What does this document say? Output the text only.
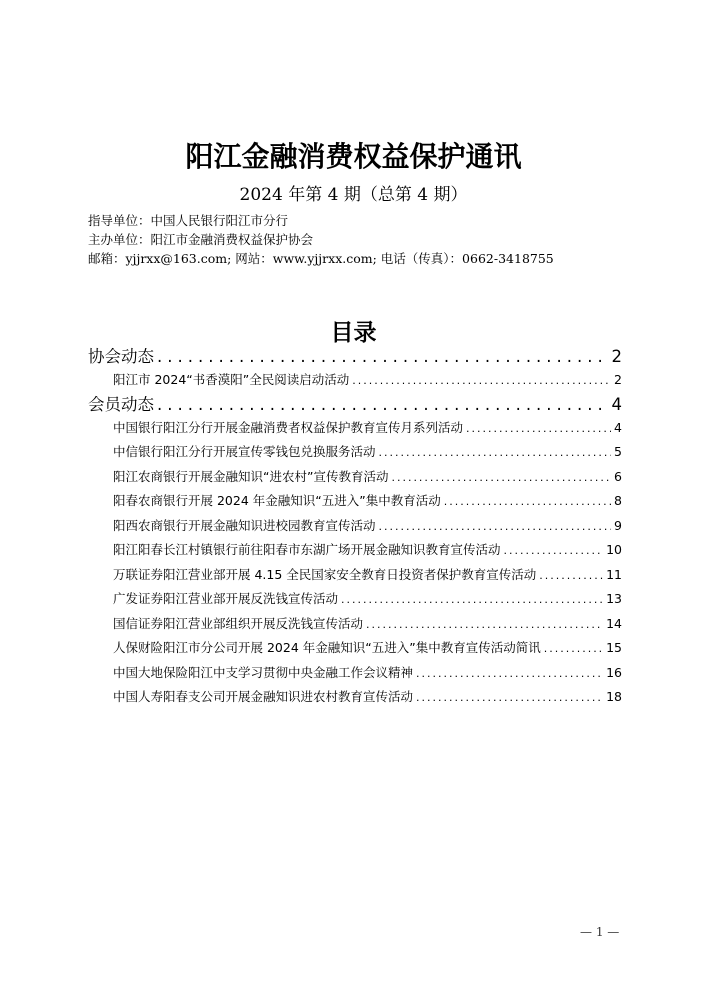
阳江金融消费权益保护通讯
2024 年第 4 期（总第 4 期）
指导单位：中国人民银行阳江市分行
主办单位：阳江市金融消费权益保护协会
邮箱：yjjrxx@163.com; 网站：www.yjjrxx.com; 电话（传真）：0662-3418755
目录
协会动态 .....	2
阳江市 2024“书香漠阳”全民阅读启动活动 .....	2
会员动态 .....	4
中国银行阳江分行开展金融消费者权益保护教育宣传月系列活动 .....	4
中信银行阳江分行开展宣传零钱包兑换服务活动 .....	5
阳江农商银行开展金融知识“进农村”宣传教育活动 .....	6
阳春农商银行开展 2024 年金融知识“五进入”集中教育活动 .....	8
阳西农商银行开展金融知识进校园教育宣传活动 .....	9
阳江阳春长江村镇银行前往阳春市东湖广场开展金融知识教育宣传活动 .....	10
万联证券阳江营业部开展 4.15 全民国家安全教育日投资者保护教育宣传活动 .....	11
广发证券阳江营业部开展反洗钱宣传活动 .....	13
国信证券阳江营业部组织开展反洗钱宣传活动 .....	14
人保财险阳江市分公司开展 2024 年金融知识“五进入”集中教育宣传活动简讯 .....	15
中国大地保险阳江中支学习贯彻中央金融工作会议精神 .....	16
中国人寿阳春支公司开展金融知识进农村教育宣传活动 .....	18
— 1 —
